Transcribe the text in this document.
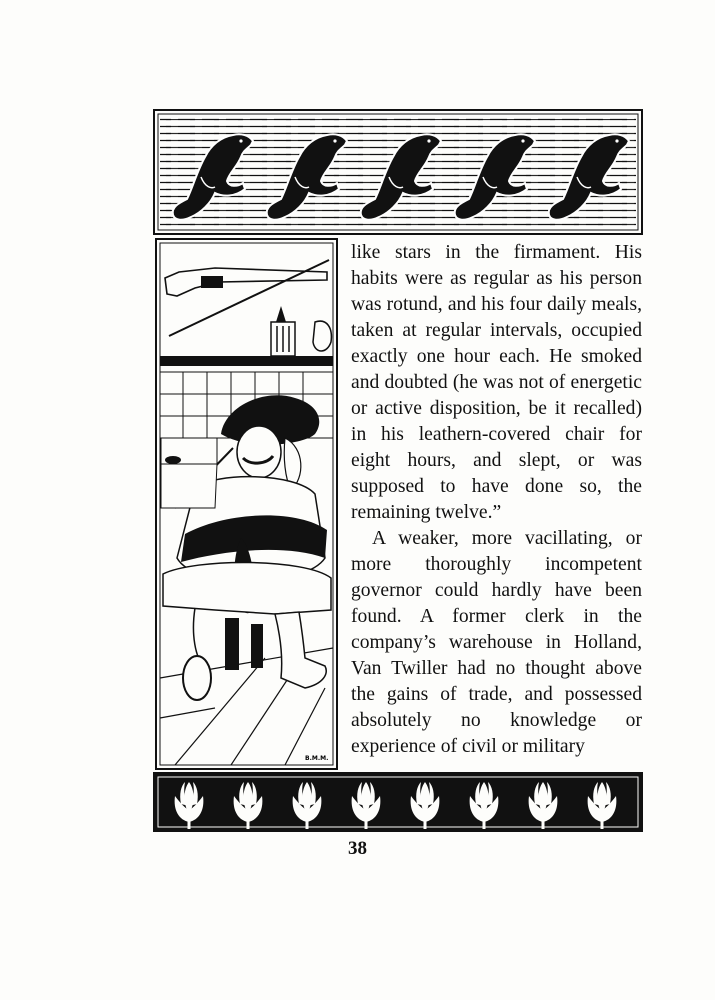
B.M.M.

like stars in the firmament. His habits were as regular as his person was rotund, and his four daily meals, taken at regular intervals, occupied exactly one hour each. He smoked and doubted (he was not of energetic or active disposition, be it recalled) in his leathern-covered chair for eight hours, and slept, or was supposed to have done so, the remaining twelve.”

A weaker, more vacillating, or more thoroughly incompetent governor could hardly have been found. A former clerk in the company’s warehouse in Holland, Van Twiller had no thought above the gains of trade, and possessed absolutely no knowledge or experience of civil or military

38
